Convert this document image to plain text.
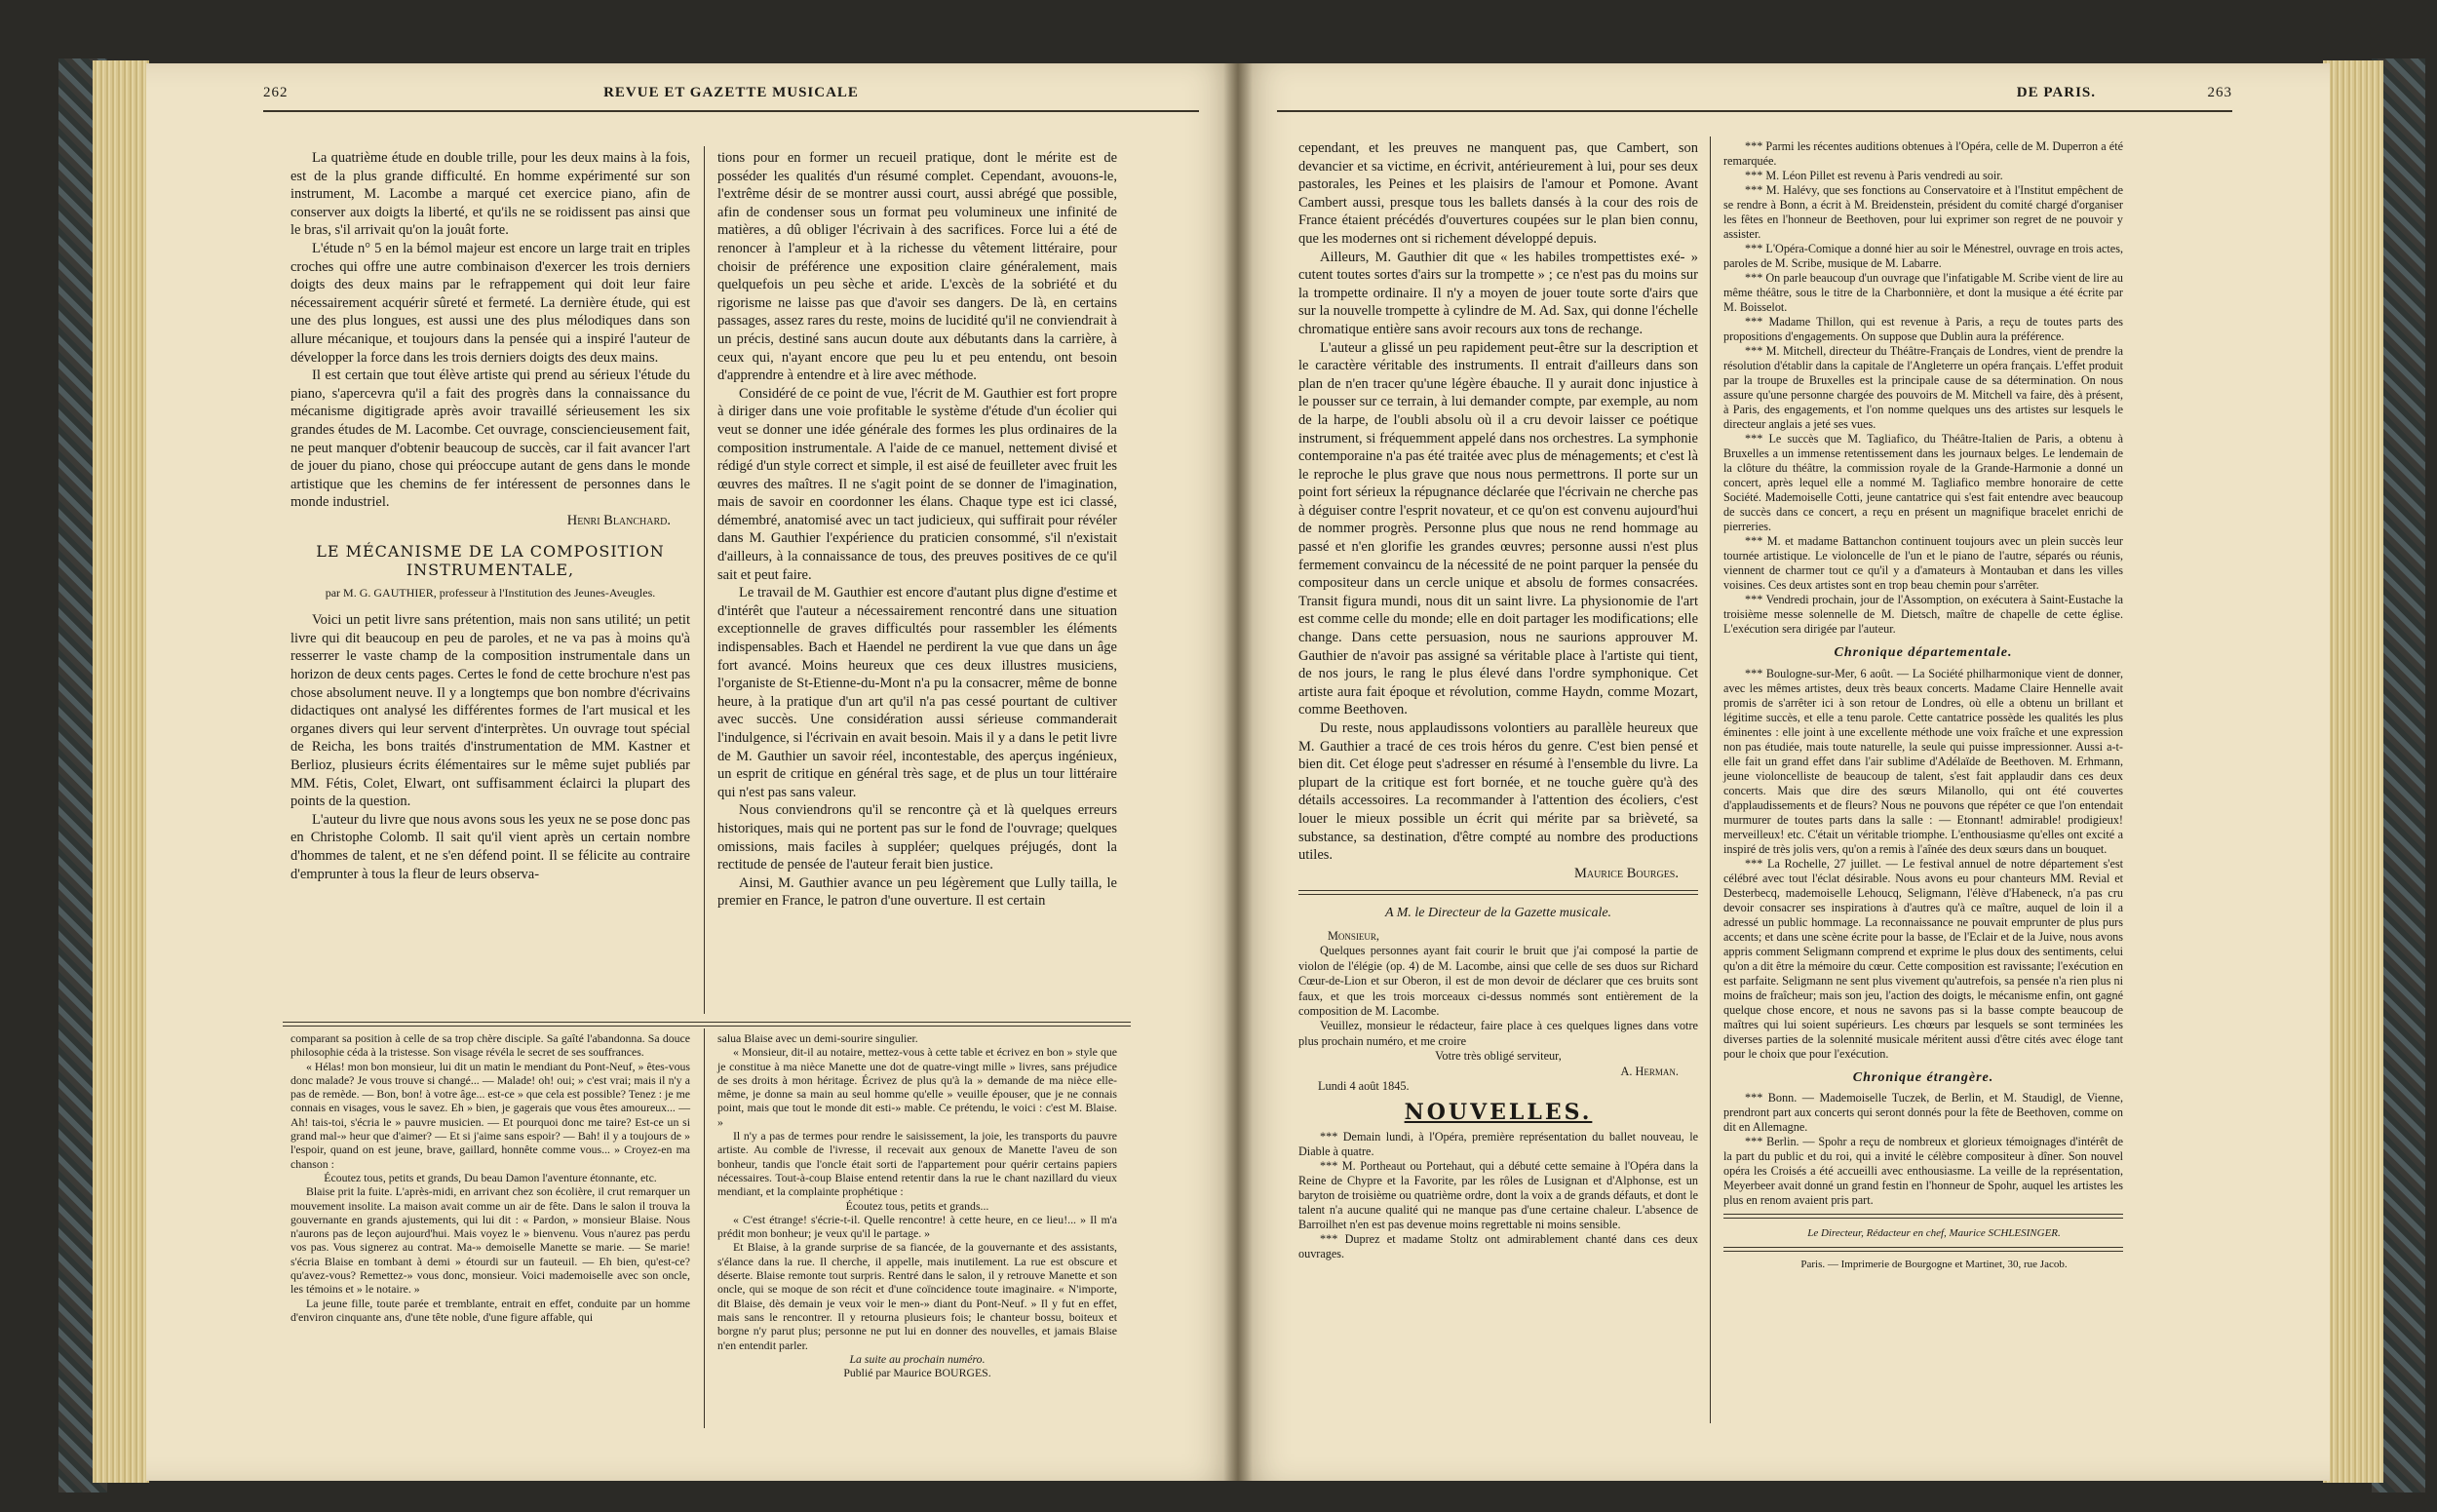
262	REVUE ET GAZETTE MUSICALE

La quatrième étude en double trille, pour les deux mains à la fois, est de la plus grande difficulté. En homme expérimenté sur son instrument, M. Lacombe a marqué cet exercice piano, afin de conserver aux doigts la liberté, et qu'ils ne se roidissent pas ainsi que le bras, s'il arrivait qu'on la jouât forte.

L'étude n° 5 en la bémol majeur est encore un large trait en triples croches qui offre une autre combinaison d'exercer les trois derniers doigts des deux mains par le refrappement qui doit leur faire nécessairement acquérir sûreté et fermeté. La dernière étude, qui est une des plus longues, est aussi une des plus mélodiques dans son allure mécanique, et toujours dans la pensée qui a inspiré l'auteur de développer la force dans les trois derniers doigts des deux mains.

Il est certain que tout élève artiste qui prend au sérieux l'étude du piano, s'apercevra qu'il a fait des progrès dans la connaissance du mécanisme digitigrade après avoir travaillé sérieusement les six grandes études de M. Lacombe. Cet ouvrage, consciencieusement fait, ne peut manquer d'obtenir beaucoup de succès, car il fait avancer l'art de jouer du piano, chose qui préoccupe autant de gens dans le monde artistique que les chemins de fer intéressent de personnes dans le monde industriel.

Henri Blanchard.

LE MÉCANISME DE LA COMPOSITION INSTRUMENTALE,
par M. G. GAUTHIER, professeur à l'Institution des Jeunes-Aveugles.

Voici un petit livre sans prétention, mais non sans utilité; un petit livre qui dit beaucoup en peu de paroles, et ne va pas à moins qu'à resserrer le vaste champ de la composition instrumentale dans un horizon de deux cents pages. Certes le fond de cette brochure n'est pas chose absolument neuve. Il y a longtemps que bon nombre d'écrivains didactiques ont analysé les différentes formes de l'art musical et les organes divers qui leur servent d'interprètes. Un ouvrage tout spécial de Reicha, les bons traités d'instrumentation de MM. Kastner et Berlioz, plusieurs écrits élémentaires sur le même sujet publiés par MM. Fétis, Colet, Elwart, ont suffisamment éclairci la plupart des points de la question.

L'auteur du livre que nous avons sous les yeux ne se pose donc pas en Christophe Colomb. Il sait qu'il vient après un certain nombre d'hommes de talent, et ne s'en défend point. Il se félicite au contraire d'emprunter à tous la fleur de leurs observa-

tions pour en former un recueil pratique, dont le mérite est de posséder les qualités d'un résumé complet. Cependant, avouons-le, l'extrême désir de se montrer aussi court, aussi abrégé que possible, afin de condenser sous un format peu volumineux une infinité de matières, a dû obliger l'écrivain à des sacrifices. Force lui a été de renoncer à l'ampleur et à la richesse du vêtement littéraire, pour choisir de préférence une exposition claire généralement, mais quelquefois un peu sèche et aride. L'excès de la sobriété et du rigorisme ne laisse pas que d'avoir ses dangers. De là, en certains passages, assez rares du reste, moins de lucidité qu'il ne conviendrait à un précis, destiné sans aucun doute aux débutants dans la carrière, à ceux qui, n'ayant encore que peu lu et peu entendu, ont besoin d'apprendre à entendre et à lire avec méthode.

Considéré de ce point de vue, l'écrit de M. Gauthier est fort propre à diriger dans une voie profitable le système d'étude d'un écolier qui veut se donner une idée générale des formes les plus ordinaires de la composition instrumentale. A l'aide de ce manuel, nettement divisé et rédigé d'un style correct et simple, il est aisé de feuilleter avec fruit les œuvres des maîtres. Il ne s'agit point de se donner de l'imagination, mais de savoir en coordonner les élans. Chaque type est ici classé, démembré, anatomisé avec un tact judicieux, qui suffirait pour révéler dans M. Gauthier l'expérience du praticien consommé, s'il n'existait d'ailleurs, à la connaissance de tous, des preuves positives de ce qu'il sait et peut faire.

Le travail de M. Gauthier est encore d'autant plus digne d'estime et d'intérêt que l'auteur a nécessairement rencontré dans une situation exceptionnelle de graves difficultés pour rassembler les éléments indispensables. Bach et Haendel ne perdirent la vue que dans un âge fort avancé. Moins heureux que ces deux illustres musiciens, l'organiste de St-Etienne-du-Mont n'a pu la consacrer, même de bonne heure, à la pratique d'un art qu'il n'a pas cessé pourtant de cultiver avec succès. Une considération aussi sérieuse commanderait l'indulgence, si l'écrivain en avait besoin. Mais il y a dans le petit livre de M. Gauthier un savoir réel, incontestable, des aperçus ingénieux, un esprit de critique en général très sage, et de plus un tour littéraire qui n'est pas sans valeur.

Nous conviendrons qu'il se rencontre çà et là quelques erreurs historiques, mais qui ne portent pas sur le fond de l'ouvrage; quelques omissions, mais faciles à suppléer; quelques préjugés, dont la rectitude de pensée de l'auteur ferait bien justice.

Ainsi, M. Gauthier avance un peu légèrement que Lully tailla, le premier en France, le patron d'une ouverture. Il est certain

comparant sa position à celle de sa trop chère disciple. Sa gaîté l'abandonna. Sa douce philosophie céda à la tristesse. Son visage révéla le secret de ses souffrances.

« Hélas! mon bon monsieur, lui dit un matin le mendiant du Pont-Neuf, » êtes-vous donc malade? Je vous trouve si changé... — Malade! oh! oui; » c'est vrai; mais il n'y a pas de remède. — Bon, bon! à votre âge... est-ce » que cela est possible? Tenez : je me connais en visages, vous le savez. Eh » bien, je gagerais que vous êtes amoureux... — Ah! tais-toi, s'écria le » pauvre musicien. — Et pourquoi donc me taire? Est-ce un si grand mal-» heur que d'aimer? — Et si j'aime sans espoir? — Bah! il y a toujours de » l'espoir, quand on est jeune, brave, gaillard, honnête comme vous... » Croyez-en ma chanson :

Écoutez tous, petits et grands, Du beau Damon l'aventure étonnante, etc.

Blaise prit la fuite. L'après-midi, en arrivant chez son écolière, il crut remarquer un mouvement insolite. La maison avait comme un air de fête. Dans le salon il trouva la gouvernante en grands ajustements, qui lui dit : « Pardon, » monsieur Blaise. Nous n'aurons pas de leçon aujourd'hui. Mais voyez le » bienvenu. Vous n'aurez pas perdu vos pas. Vous signerez au contrat. Ma-» demoiselle Manette se marie. — Se marie! s'écria Blaise en tombant à demi » étourdi sur un fauteuil. — Eh bien, qu'est-ce? qu'avez-vous? Remettez-» vous donc, monsieur. Voici mademoiselle avec son oncle, les témoins et » le notaire. »

La jeune fille, toute parée et tremblante, entrait en effet, conduite par un homme d'environ cinquante ans, d'une tête noble, d'une figure affable, qui

salua Blaise avec un demi-sourire singulier.

« Monsieur, dit-il au notaire, mettez-vous à cette table et écrivez en bon » style que je constitue à ma nièce Manette une dot de quatre-vingt mille » livres, sans préjudice de ses droits à mon héritage. Écrivez de plus qu'à la » demande de ma nièce elle-même, je donne sa main au seul homme qu'elle » veuille épouser, que je ne connais point, mais que tout le monde dit esti-» mable. Ce prétendu, le voici : c'est M. Blaise. »

Il n'y a pas de termes pour rendre le saisissement, la joie, les transports du pauvre artiste. Au comble de l'ivresse, il recevait aux genoux de Manette l'aveu de son bonheur, tandis que l'oncle était sorti de l'appartement pour quérir certains papiers nécessaires. Tout-à-coup Blaise entend retentir dans la rue le chant nazillard du vieux mendiant, et la complainte prophétique :

Écoutez tous, petits et grands...

« C'est étrange! s'écrie-t-il. Quelle rencontre! à cette heure, en ce lieu!... » Il m'a prédit mon bonheur; je veux qu'il le partage. »

Et Blaise, à la grande surprise de sa fiancée, de la gouvernante et des assistants, s'élance dans la rue. Il cherche, il appelle, mais inutilement. La rue est obscure et déserte. Blaise remonte tout surpris. Rentré dans le salon, il y retrouve Manette et son oncle, qui se moque de son récit et d'une coïncidence toute imaginaire. « N'importe, dit Blaise, dès demain je veux voir le men-» diant du Pont-Neuf. » Il y fut en effet, mais sans le rencontrer. Il y retourna plusieurs fois; le chanteur bossu, boiteux et borgne n'y parut plus; personne ne put lui en donner des nouvelles, et jamais Blaise n'en entendit parler.

La suite au prochain numéro.

Publié par Maurice BOURGES.

DE PARIS.	263

cependant, et les preuves ne manquent pas, que Cambert, son devancier et sa victime, en écrivit, antérieurement à lui, pour ses deux pastorales, les Peines et les plaisirs de l'amour et Pomone. Avant Cambert aussi, presque tous les ballets dansés à la cour des rois de France étaient précédés d'ouvertures coupées sur le plan bien connu, que les modernes ont si richement développé depuis.

Ailleurs, M. Gauthier dit que « les habiles trompettistes exé- » cutent toutes sortes d'airs sur la trompette » ; ce n'est pas du moins sur la trompette ordinaire. Il n'y a moyen de jouer toute sorte d'airs que sur la nouvelle trompette à cylindre de M. Ad. Sax, qui donne l'échelle chromatique entière sans avoir recours aux tons de rechange.

L'auteur a glissé un peu rapidement peut-être sur la description et le caractère véritable des instruments. Il entrait d'ailleurs dans son plan de n'en tracer qu'une légère ébauche. Il y aurait donc injustice à le pousser sur ce terrain, à lui demander compte, par exemple, au nom de la harpe, de l'oubli absolu où il a cru devoir laisser ce poétique instrument, si fréquemment appelé dans nos orchestres. La symphonie contemporaine n'a pas été traitée avec plus de ménagements; et c'est là le reproche le plus grave que nous nous permettrons. Il porte sur un point fort sérieux la répugnance déclarée que l'écrivain ne cherche pas à déguiser contre l'esprit novateur, et ce qu'on est convenu aujourd'hui de nommer progrès. Personne plus que nous ne rend hommage au passé et n'en glorifie les grandes œuvres; personne aussi n'est plus fermement convaincu de la nécessité de ne point parquer la pensée du compositeur dans un cercle unique et absolu de formes consacrées. Transit figura mundi, nous dit un saint livre. La physionomie de l'art est comme celle du monde; elle en doit partager les modifications; elle change. Dans cette persuasion, nous ne saurions approuver M. Gauthier de n'avoir pas assigné sa véritable place à l'artiste qui tient, de nos jours, le rang le plus élevé dans l'ordre symphonique. Cet artiste aura fait époque et révolution, comme Haydn, comme Mozart, comme Beethoven.

Du reste, nous applaudissons volontiers au parallèle heureux que M. Gauthier a tracé de ces trois héros du genre. C'est bien pensé et bien dit. Cet éloge peut s'adresser en résumé à l'ensemble du livre. La plupart de la critique est fort bornée, et ne touche guère qu'à des détails accessoires. La recommander à l'attention des écoliers, c'est louer le mieux possible un écrit qui mérite par sa brièveté, sa substance, sa destination, d'être compté au nombre des productions utiles.

Maurice Bourges.

A M. le Directeur de la Gazette musicale.

Monsieur,

Quelques personnes ayant fait courir le bruit que j'ai composé la partie de violon de l'élégie (op. 4) de M. Lacombe, ainsi que celle de ses duos sur Richard Cœur-de-Lion et sur Oberon, il est de mon devoir de déclarer que ces bruits sont faux, et que les trois morceaux ci-dessus nommés sont entièrement de la composition de M. Lacombe.

Veuillez, monsieur le rédacteur, faire place à ces quelques lignes dans votre plus prochain numéro, et me croire

Votre très obligé serviteur,

A. Herman.

Lundi 4 août 1845.

NOUVELLES.

*** Demain lundi, à l'Opéra, première représentation du ballet nouveau, le Diable à quatre.

*** M. Portheaut ou Portehaut, qui a débuté cette semaine à l'Opéra dans la Reine de Chypre et la Favorite, par les rôles de Lusignan et d'Alphonse, est un baryton de troisième ou quatrième ordre, dont la voix a de grands défauts, et dont le talent n'a aucune qualité qui ne manque pas d'une certaine chaleur. L'absence de Barroilhet n'en est pas devenue moins regrettable ni moins sensible.

*** Duprez et madame Stoltz ont admirablement chanté dans ces deux ouvrages.

*** Parmi les récentes auditions obtenues à l'Opéra, celle de M. Duperron a été remarquée.

*** M. Léon Pillet est revenu à Paris vendredi au soir.

*** M. Halévy, que ses fonctions au Conservatoire et à l'Institut empêchent de se rendre à Bonn, a écrit à M. Breidenstein, président du comité chargé d'organiser les fêtes en l'honneur de Beethoven, pour lui exprimer son regret de ne pouvoir y assister.

*** L'Opéra-Comique a donné hier au soir le Ménestrel, ouvrage en trois actes, paroles de M. Scribe, musique de M. Labarre.

*** On parle beaucoup d'un ouvrage que l'infatigable M. Scribe vient de lire au même théâtre, sous le titre de la Charbonnière, et dont la musique a été écrite par M. Boisselot.

*** Madame Thillon, qui est revenue à Paris, a reçu de toutes parts des propositions d'engagements. On suppose que Dublin aura la préférence.

*** M. Mitchell, directeur du Théâtre-Français de Londres, vient de prendre la résolution d'établir dans la capitale de l'Angleterre un opéra français. L'effet produit par la troupe de Bruxelles est la principale cause de sa détermination. On nous assure qu'une personne chargée des pouvoirs de M. Mitchell va faire, dès à présent, à Paris, des engagements, et l'on nomme quelques uns des artistes sur lesquels le directeur anglais a jeté ses vues.

*** Le succès que M. Tagliafico, du Théâtre-Italien de Paris, a obtenu à Bruxelles a un immense retentissement dans les journaux belges. Le lendemain de la clôture du théâtre, la commission royale de la Grande-Harmonie a donné un concert, après lequel elle a nommé M. Tagliafico membre honoraire de cette Société. Mademoiselle Cotti, jeune cantatrice qui s'est fait entendre avec beaucoup de succès dans ce concert, a reçu en présent un magnifique bracelet enrichi de pierreries.

*** M. et madame Battanchon continuent toujours avec un plein succès leur tournée artistique. Le violoncelle de l'un et le piano de l'autre, séparés ou réunis, viennent de charmer tout ce qu'il y a d'amateurs à Montauban et dans les villes voisines. Ces deux artistes sont en trop beau chemin pour s'arrêter.

*** Vendredi prochain, jour de l'Assomption, on exécutera à Saint-Eustache la troisième messe solennelle de M. Dietsch, maître de chapelle de cette église. L'exécution sera dirigée par l'auteur.

Chronique départementale.

*** Boulogne-sur-Mer, 6 août. — La Société philharmonique vient de donner, avec les mêmes artistes, deux très beaux concerts. Madame Claire Hennelle avait promis de s'arrêter ici à son retour de Londres, où elle a obtenu un brillant et légitime succès, et elle a tenu parole. Cette cantatrice possède les qualités les plus éminentes : elle joint à une excellente méthode une voix fraîche et une expression non pas étudiée, mais toute naturelle, la seule qui puisse impressionner. Aussi a-t-elle fait un grand effet dans l'air sublime d'Adélaïde de Beethoven. M. Erhmann, jeune violoncelliste de beaucoup de talent, s'est fait applaudir dans ces deux concerts. Mais que dire des sœurs Milanollo, qui ont été couvertes d'applaudissements et de fleurs? Nous ne pouvons que répéter ce que l'on entendait murmurer de toutes parts dans la salle : — Etonnant! admirable! prodigieux! merveilleux! etc. C'était un véritable triomphe. L'enthousiasme qu'elles ont excité a inspiré de très jolis vers, qu'on a remis à l'aînée des deux sœurs dans un bouquet.

*** La Rochelle, 27 juillet. — Le festival annuel de notre département s'est célébré avec tout l'éclat désirable. Nous avons eu pour chanteurs MM. Revial et Desterbecq, mademoiselle Lehoucq, Seligmann, l'élève d'Habeneck, n'a pas cru devoir consacrer ses inspirations à d'autres qu'à ce maître, auquel de loin il a adressé un public hommage. La reconnaissance ne pouvait emprunter de plus purs accents; et dans une scène écrite pour la basse, de l'Eclair et de la Juive, nous avons appris comment Seligmann comprend et exprime le plus doux des sentiments, celui qu'on a dit être la mémoire du cœur. Cette composition est ravissante; l'exécution en est parfaite. Seligmann ne sent plus vivement qu'autrefois, sa pensée n'a rien plus ni moins de fraîcheur; mais son jeu, l'action des doigts, le mécanisme enfin, ont gagné quelque chose encore, et nous ne savons pas si la basse compte beaucoup de maîtres qui lui soient supérieurs. Les chœurs par lesquels se sont terminées les diverses parties de la solennité musicale méritent aussi d'être cités avec éloge tant pour le choix que pour l'exécution.

Chronique étrangère.

*** Bonn. — Mademoiselle Tuczek, de Berlin, et M. Staudigl, de Vienne, prendront part aux concerts qui seront donnés pour la fête de Beethoven, comme on dit en Allemagne.

*** Berlin. — Spohr a reçu de nombreux et glorieux témoignages d'intérêt de la part du public et du roi, qui a invité le célèbre compositeur à dîner. Son nouvel opéra les Croisés a été accueilli avec enthousiasme. La veille de la représentation, Meyerbeer avait donné un grand festin en l'honneur de Spohr, auquel les artistes les plus en renom avaient pris part.

Le Directeur, Rédacteur en chef, Maurice SCHLESINGER.

Paris. — Imprimerie de Bourgogne et Martinet, 30, rue Jacob.
